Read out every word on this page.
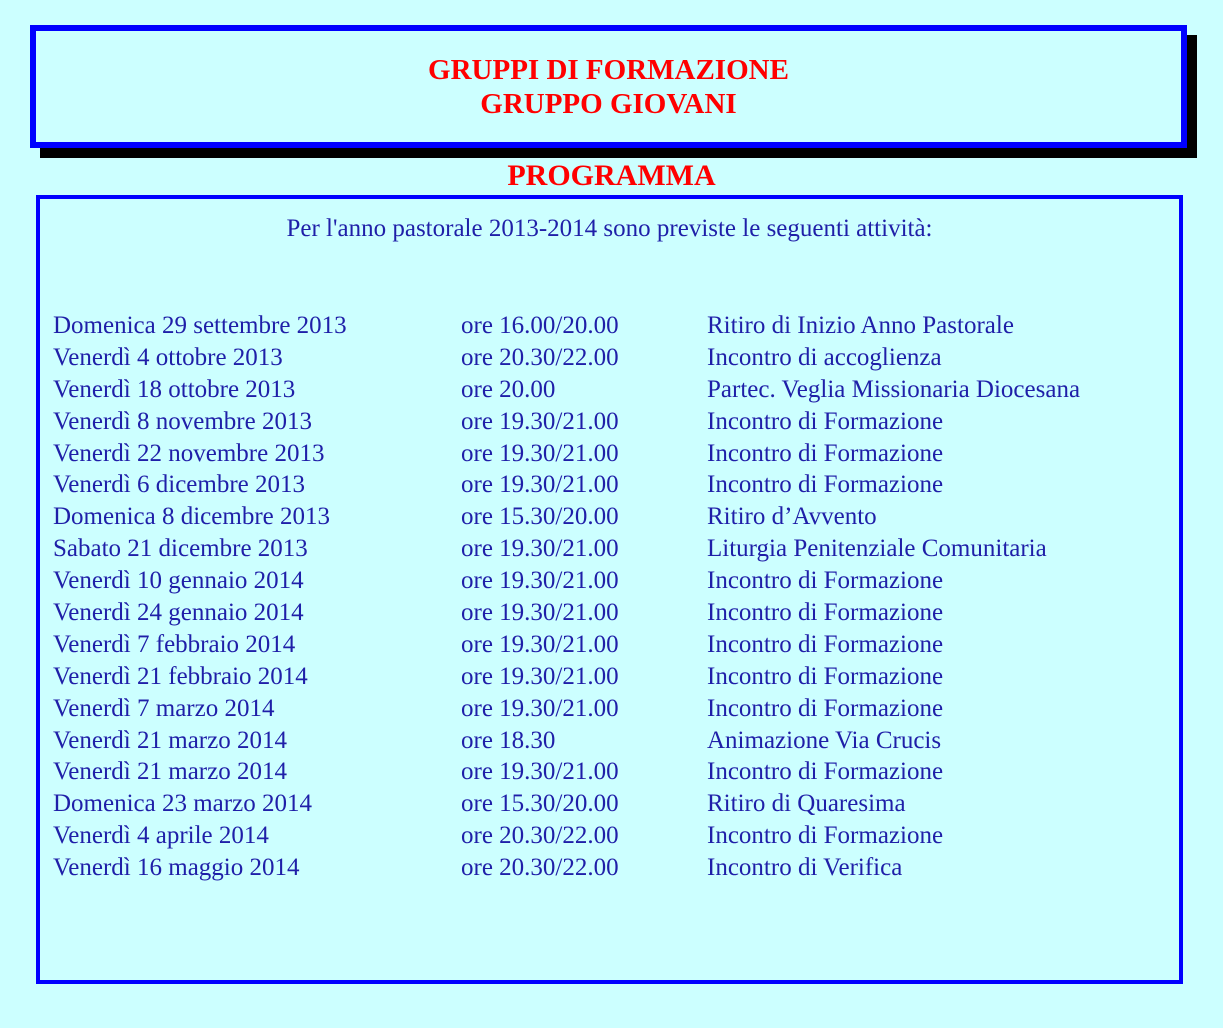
GRUPPI DI FORMAZIONE

GRUPPO GIOVANI

PROGRAMMA

Per l'anno pastorale 2013-2014 sono previste le seguenti attività:

Domenica 29 settembre 2013	ore 16.00/20.00	Ritiro di Inizio Anno Pastorale
Venerdì 4 ottobre 2013	ore 20.30/22.00	Incontro di accoglienza
Venerdì 18 ottobre 2013	ore 20.00	Partec. Veglia Missionaria Diocesana
Venerdì 8 novembre 2013	ore 19.30/21.00	Incontro di Formazione
Venerdì 22 novembre 2013	ore 19.30/21.00	Incontro di Formazione
Venerdì 6 dicembre 2013	ore 19.30/21.00	Incontro di Formazione
Domenica 8 dicembre 2013	ore 15.30/20.00	Ritiro d’Avvento
Sabato 21 dicembre 2013	ore 19.30/21.00	Liturgia Penitenziale Comunitaria
Venerdì 10 gennaio 2014	ore 19.30/21.00	Incontro di Formazione
Venerdì 24 gennaio 2014	ore 19.30/21.00	Incontro di Formazione
Venerdì 7 febbraio 2014	ore 19.30/21.00	Incontro di Formazione
Venerdì 21 febbraio 2014	ore 19.30/21.00	Incontro di Formazione
Venerdì 7 marzo 2014	ore 19.30/21.00	Incontro di Formazione
Venerdì 21 marzo 2014	ore 18.30	Animazione Via Crucis
Venerdì 21 marzo 2014	ore 19.30/21.00	Incontro di Formazione
Domenica 23 marzo 2014	ore 15.30/20.00	Ritiro di Quaresima
Venerdì 4 aprile 2014	ore 20.30/22.00	Incontro di Formazione
Venerdì 16 maggio 2014	ore 20.30/22.00	Incontro di Verifica
